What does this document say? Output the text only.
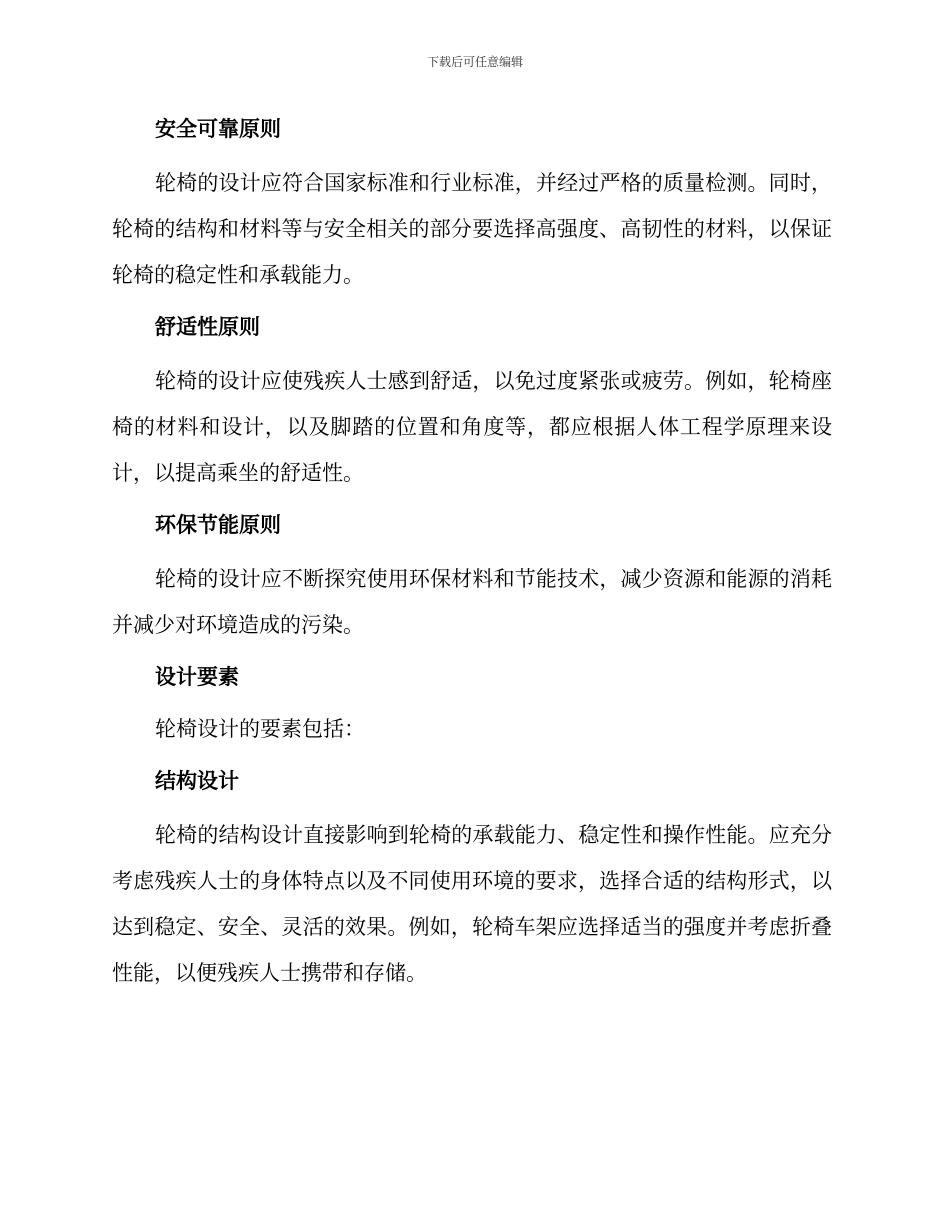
下载后可任意编辑
安全可靠原则

轮椅的设计应符合国家标准和行业标准，并经过严格的质量检测。同时，轮椅的结构和材料等与安全相关的部分要选择高强度、高韧性的材料，以保证轮椅的稳定性和承载能力。

舒适性原则

轮椅的设计应使残疾人士感到舒适，以免过度紧张或疲劳。例如，轮椅座椅的材料和设计，以及脚踏的位置和角度等，都应根据人体工程学原理来设计，以提高乘坐的舒适性。

环保节能原则

轮椅的设计应不断探究使用环保材料和节能技术，减少资源和能源的消耗并减少对环境造成的污染。

设计要素

轮椅设计的要素包括：

结构设计

轮椅的结构设计直接影响到轮椅的承载能力、稳定性和操作性能。应充分考虑残疾人士的身体特点以及不同使用环境的要求，选择合适的结构形式，以达到稳定、安全、灵活的效果。例如，轮椅车架应选择适当的强度并考虑折叠性能，以便残疾人士携带和存储。
